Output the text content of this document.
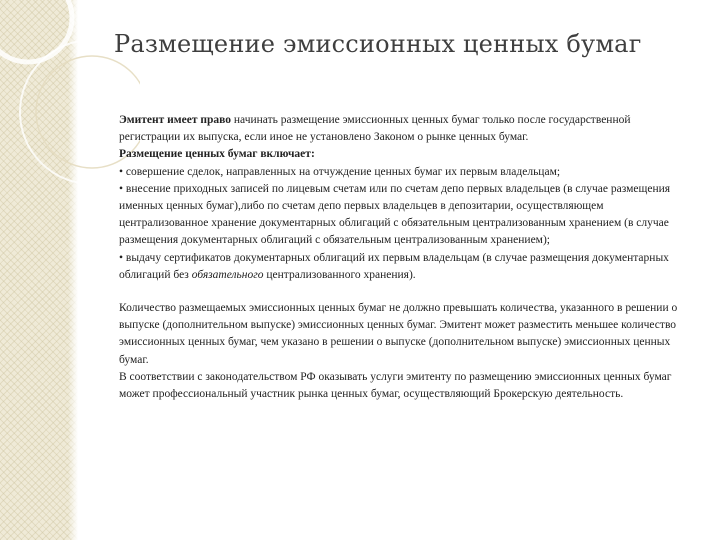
Размещение эмиссионных ценных бумаг

Эмитент имеет право начинать размещение эмиссионных ценных бумаг только после государственной регистрации их выпуска, если иное не установлено Законом о рынке ценных бумаг.

Размещение ценных бумаг включает:

• совершение сделок, направленных на отчуждение ценных бумаг их первым владельцам;

• внесение приходных записей по лицевым счетам или по счетам депо первых владельцев (в случае размещения именных ценных бумаг),либо по счетам депо первых владельцев в депозитарии, осуществляющем централизованное хранение документарных облигаций с обязательным централизованным хранением (в случае размещения документарных облигаций с обязательным централизованным хранением);

• выдачу сертификатов документарных облигаций их первым владельцам (в случае размещения документарных облигаций без обязательного централизованного хранения).

Количество размещаемых эмиссионных ценных бумаг не должно превышать количества, указанного в решении о выпуске (дополнительном выпуске) эмиссионных ценных бумаг. Эмитент может разместить меньшее количество эмиссионных ценных бумаг, чем указано в решении о выпуске (дополнительном выпуске) эмиссионных ценных бумаг.

В соответствии с законодательством РФ оказывать услуги эмитенту по размещению эмиссионных ценных бумаг может профессиональный участник рынка ценных бумаг, осуществляющий Брокерскую деятельность.
